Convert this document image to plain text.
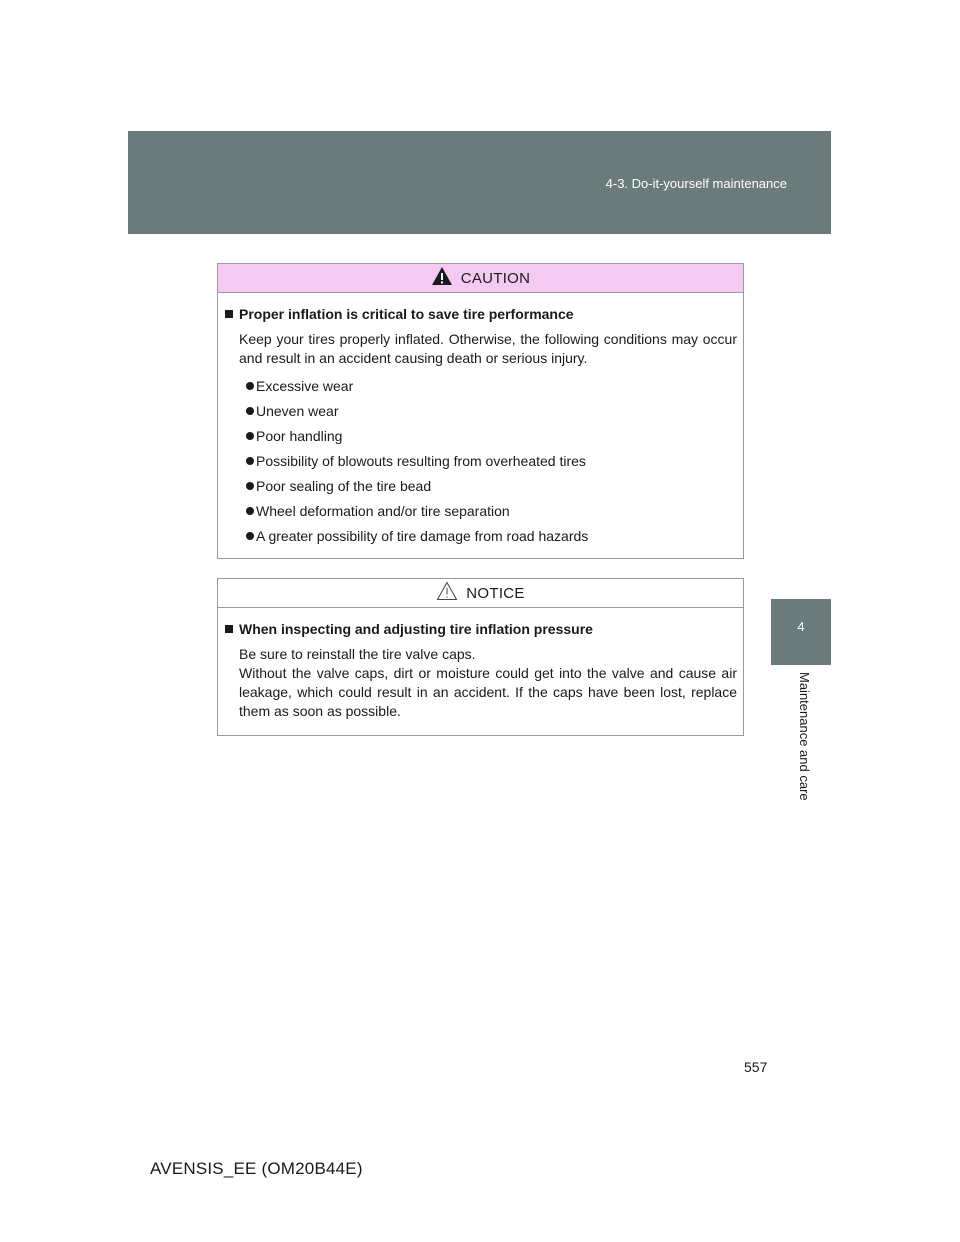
4-3. Do-it-yourself maintenance
4
Maintenance and care
CAUTION
Proper inflation is critical to save tire performance
Keep your tires properly inflated. Otherwise, the following conditions may occur and result in an accident causing death or serious injury.
Excessive wear
Uneven wear
Poor handling
Possibility of blowouts resulting from overheated tires
Poor sealing of the tire bead
Wheel deformation and/or tire separation
A greater possibility of tire damage from road hazards
NOTICE
When inspecting and adjusting tire inflation pressure
Be sure to reinstall the tire valve caps.
Without the valve caps, dirt or moisture could get into the valve and cause air leakage, which could result in an accident. If the caps have been lost, replace them as soon as possible.
557
AVENSIS_EE (OM20B44E)
